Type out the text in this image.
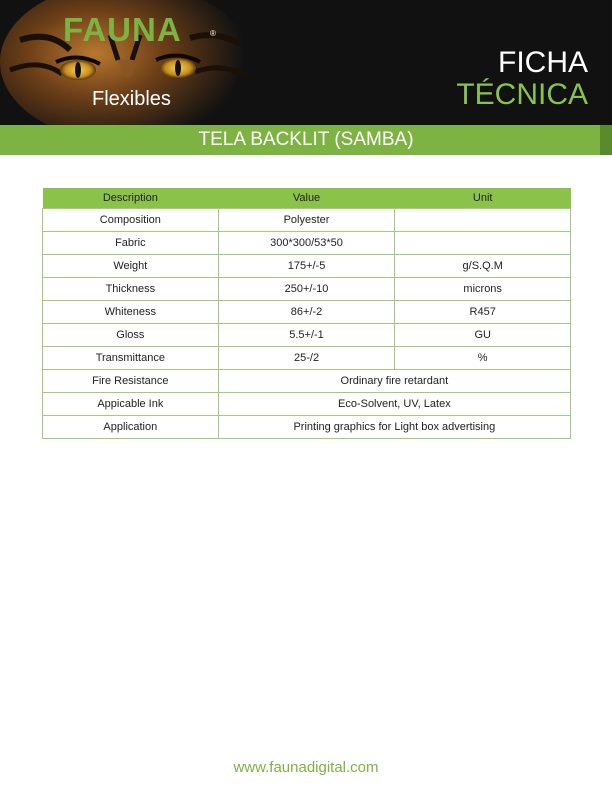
FAUNA	®
Flexibles
FICHA
TÉCNICA
TELA BACKLIT (SAMBA)
Description	Value	Unit
Composition	Polyester	
Fabric	300*300/53*50	
Weight	175+/-5	g/S.Q.M
Thickness	250+/-10	microns
Whiteness	86+/-2	R457
Gloss	5.5+/-1	GU
Transmittance	25-/2	%
Fire Resistance	Ordinary fire retardant	
Appicable Ink	Eco-Solvent, UV, Latex	
Application	Printing graphics for Light box advertising	
www.faunadigital.com
